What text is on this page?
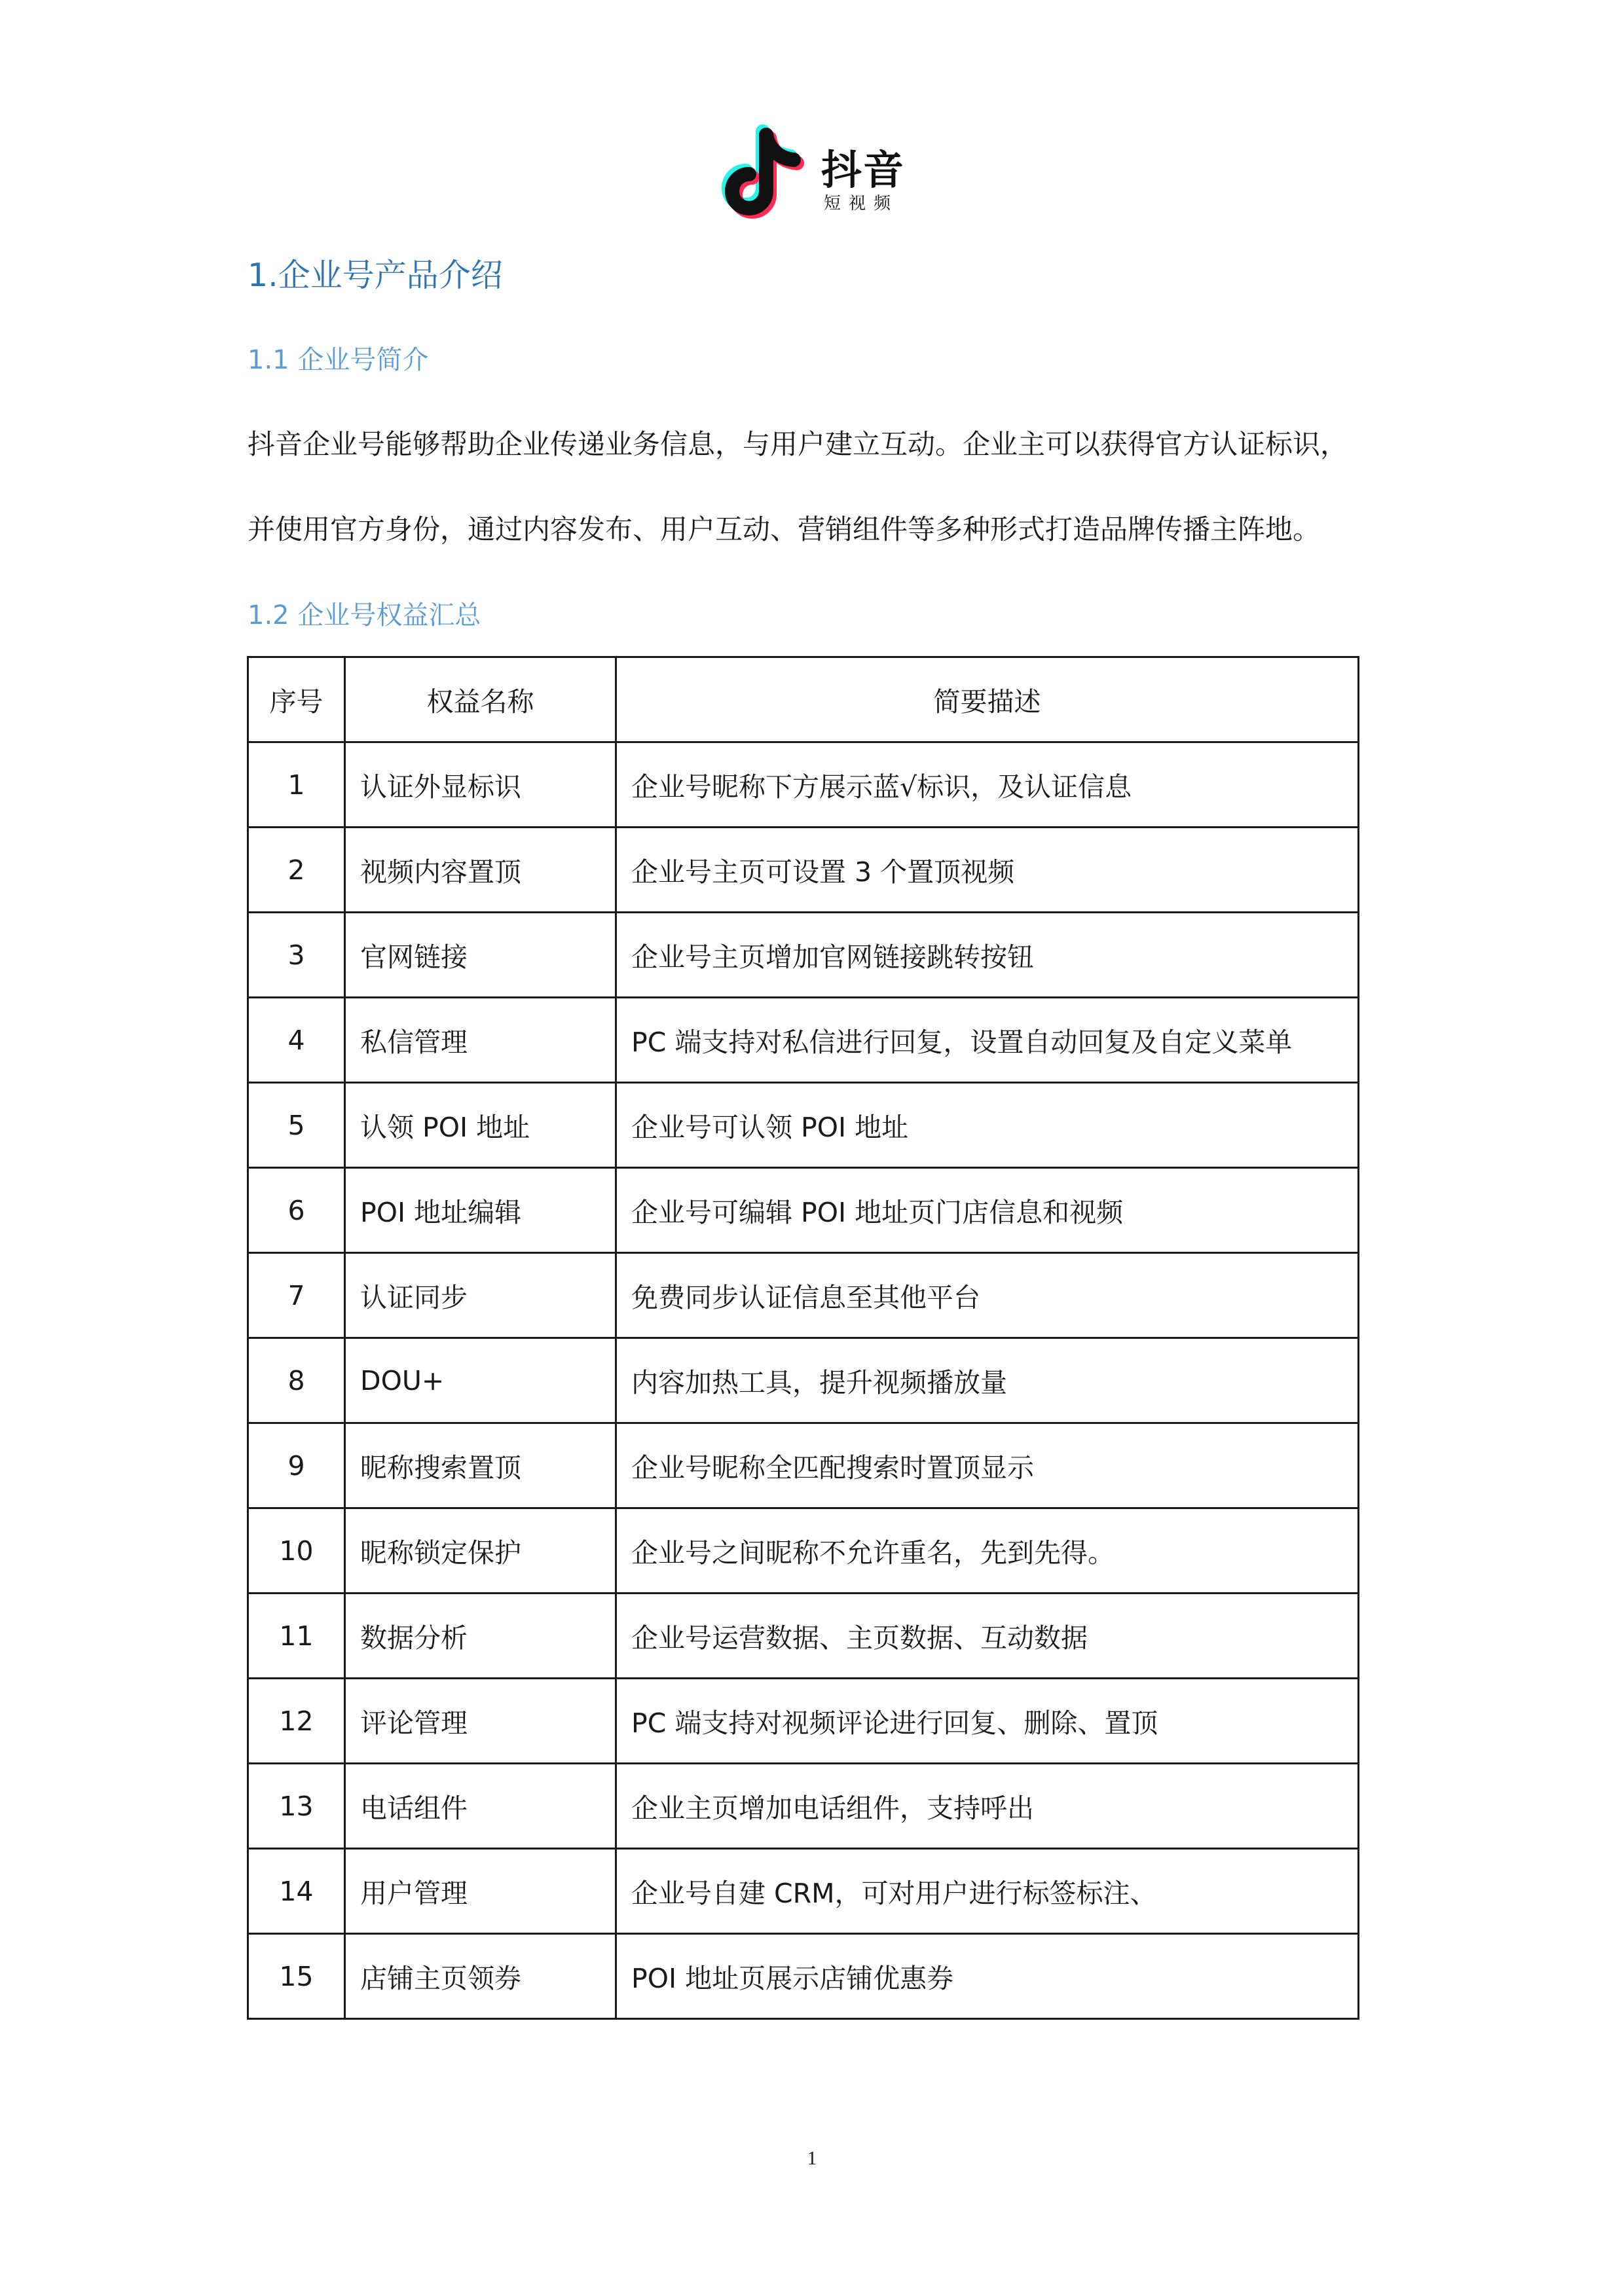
抖音
短视频
1.企业号产品介绍
1.1 企业号简介
抖音企业号能够帮助企业传递业务信息，与用户建立互动。企业主可以获得官方认证标识，
并使用官方身份，通过内容发布、用户互动、营销组件等多种形式打造品牌传播主阵地。
1.2 企业号权益汇总
序号	权益名称	简要描述
1	认证外显标识	企业号昵称下方展示蓝√标识，及认证信息
2	视频内容置顶	企业号主页可设置 3 个置顶视频
3	官网链接	企业号主页增加官网链接跳转按钮
4	私信管理	PC 端支持对私信进行回复，设置自动回复及自定义菜单
5	认领 POI 地址	企业号可认领 POI 地址
6	POI 地址编辑	企业号可编辑 POI 地址页门店信息和视频
7	认证同步	免费同步认证信息至其他平台
8	DOU+	内容加热工具，提升视频播放量
9	昵称搜索置顶	企业号昵称全匹配搜索时置顶显示
10	昵称锁定保护	企业号之间昵称不允许重名，先到先得。
11	数据分析	企业号运营数据、主页数据、互动数据
12	评论管理	PC 端支持对视频评论进行回复、删除、置顶
13	电话组件	企业主页增加电话组件，支持呼出
14	用户管理	企业号自建 CRM，可对用户进行标签标注、
15	店铺主页领券	POI 地址页展示店铺优惠券
1
